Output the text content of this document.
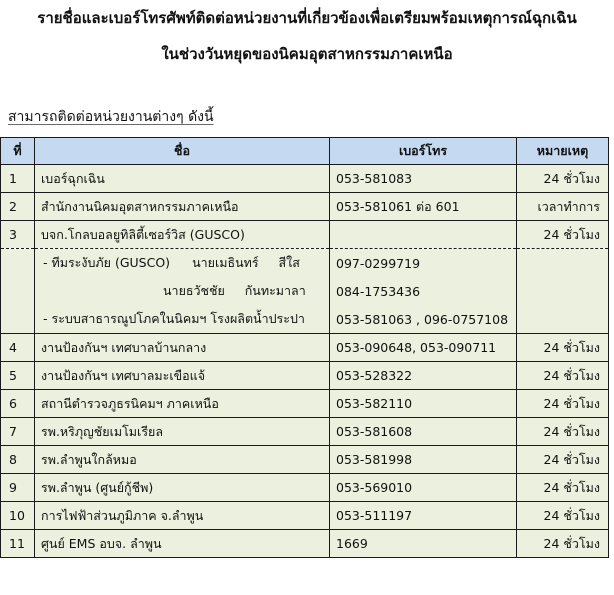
รายชื่อและเบอร์โทรศัพท์ติดต่อหน่วยงานที่เกี่ยวข้องเพื่อเตรียมพร้อมเหตุการณ์ฉุกเฉิน
ในช่วงวันหยุดของนิคมอุตสาหกรรมภาคเหนือ
สามารถติดต่อหน่วยงานต่างๆ ดังนี้
ที่	ชื่อ	เบอร์โทร	หมายเหตุ
1	เบอร์ฉุกเฉิน	053-581083	24 ชั่วโมง
2	สำนักงานนิคมอุตสาหกรรมภาคเหนือ	053-581061 ต่อ 601	เวลาทำการ
3	บจก.โกลบอลยูทิลิตี้เซอร์วิส (GUSCO)		24 ชั่วโมง
	- ทีมระงับภัย (GUSCO) นายเมธินทร์ สีใส	097-0299719	
	นายธวัชชัย กันทะมาลา	084-1753436	
	- ระบบสาธารณูปโภคในนิคมฯ โรงผลิตน้ำประปา	053-581063 , 096-0757108	
4	งานป้องกันฯ เทศบาลบ้านกลาง	053-090648, 053-090711	24 ชั่วโมง
5	งานป้องกันฯ เทศบาลมะเขือแจ้	053-528322	24 ชั่วโมง
6	สถานีตำรวจภูธรนิคมฯ ภาคเหนือ	053-582110	24 ชั่วโมง
7	รพ.หริภุญชัยเมโมเรียล	053-581608	24 ชั่วโมง
8	รพ.ลำพูนใกล้หมอ	053-581998	24 ชั่วโมง
9	รพ.ลำพูน (ศูนย์กู้ชีพ)	053-569010	24 ชั่วโมง
10	การไฟฟ้าส่วนภูมิภาค จ.ลำพูน	053-511197	24 ชั่วโมง
11	ศูนย์ EMS อบจ. ลำพูน	1669	24 ชั่วโมง
